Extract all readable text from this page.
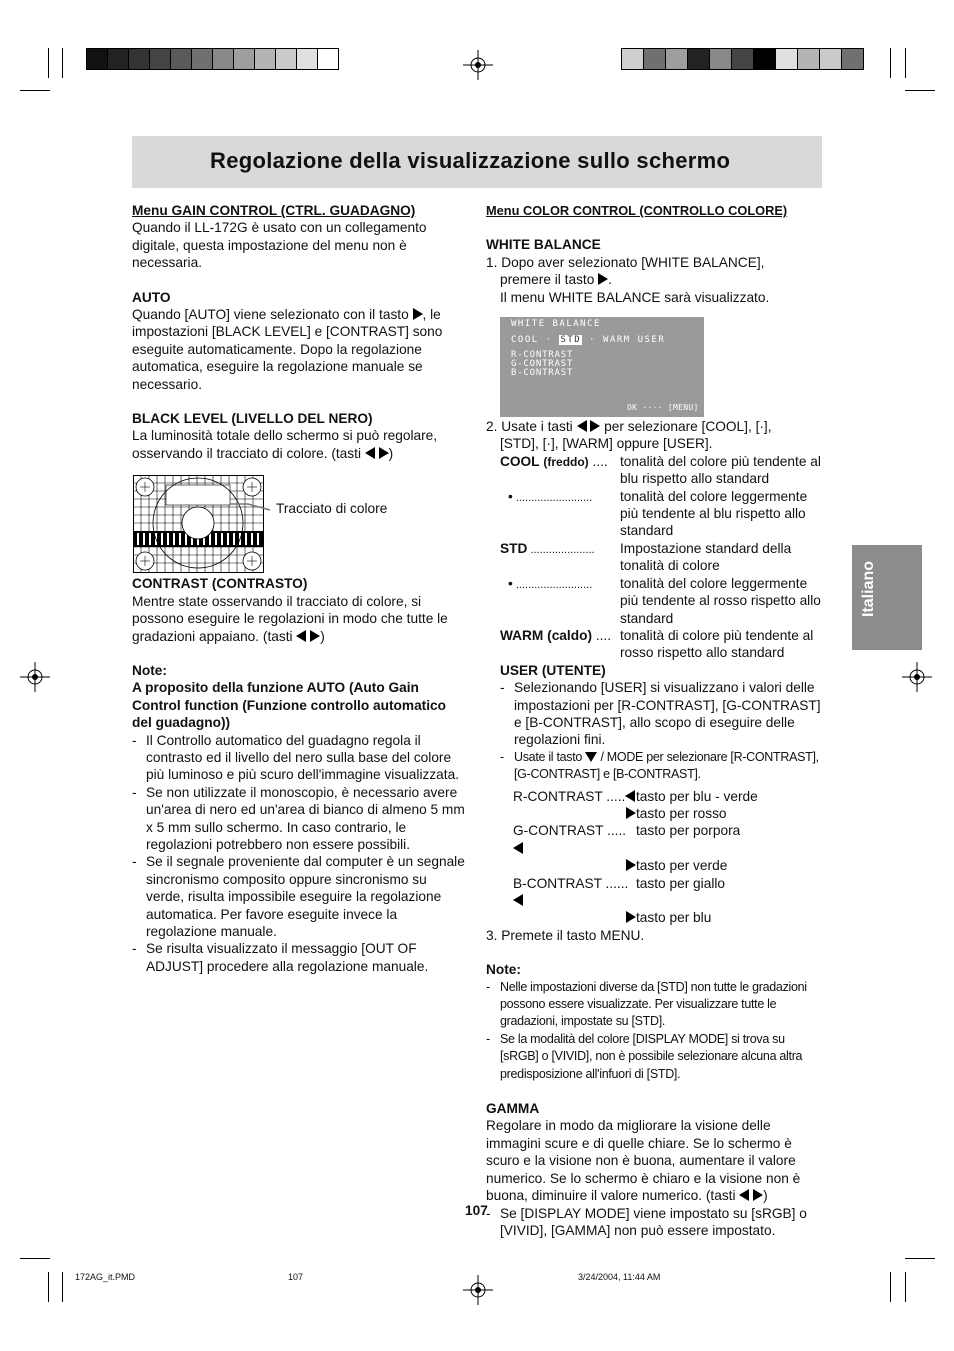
Regolazione della visualizzazione sullo schermo
Italiano

Menu GAIN CONTROL (CTRL. GUADAGNO)

Quando il LL-172G è usato con un collegamento digitale, questa impostazione del menu non è necessaria.

AUTO

Quando [AUTO] viene selezionato con il tasto , le impostazioni [BLACK LEVEL] e [CONTRAST] sono eseguite automaticamente. Dopo la regolazione automatica, eseguire la regolazione manuale se necessario.

BLACK LEVEL (LIVELLO DEL NERO)

La luminosità totale dello schermo si può regolare, osservando il tracciato di colore. (tasti )

CONTRAST (CONTRASTO)

Mentre state osservando il tracciato di colore, si possono eseguire le regolazioni in modo che tutte le gradazioni appaiano. (tasti )

Note:

A proposito della funzione AUTO (Auto Gain Control function (Funzione controllo automatico del guadagno))

- Il Controllo automatico del guadagno regola il contrasto ed il livello del nero sulla base del colore più luminoso e più scuro dell'immagine visualizzata.

- Se non utilizzate il monoscopio, è necessario avere un'area di nero ed un'area di bianco di almeno 5 mm x 5 mm sullo schermo. In caso contrario, le regolazioni potrebbero non essere possibili.

- Se il segnale proveniente dal computer è un segnale sincronismo composito oppure sincronismo su verde, risulta impossibile eseguire la regolazione automatica. Per favore eseguite invece la regolazione manuale.

- Se risulta visualizzato il messaggio [OUT OF ADJUST] procedere alla regolazione manuale.

Tracciato di colore

Menu COLOR CONTROL (CONTROLLO COLORE)

WHITE BALANCE

1. Dopo aver selezionato [WHITE BALANCE],

premere il tasto .

Il menu WHITE BALANCE sarà visualizzato.

2. Usate i tasti per selezionare [COOL], [·],

[STD], [·], [WARM] oppure [USER].

COOL (freddo) .... tonalità del colore più tendente al blu rispetto allo standard
• .........................	tonalità del colore leggermente più tendente al blu rispetto allo standard
STD .....................	Impostazione standard della tonalità di colore
• .........................	tonalità del colore leggermente più tendente al rosso rispetto allo standard
WARM (caldo) .... tonalità di colore più tendente al rosso rispetto allo standard

USER (UTENTE)

- Selezionando [USER] si visualizzano i valori delle impostazioni per [R-CONTRAST], [G-CONTRAST] e [B-CONTRAST], allo scopo di eseguire delle regolazioni fini.

- Usate il tasto / MODE per selezionare [R-CONTRAST], [G-CONTRAST] e [B-CONTRAST].

R-CONTRAST ..... tasto per blu - verde
tasto per rosso
G-CONTRAST ..... tasto per porpora
tasto per verde
B-CONTRAST ...... tasto per giallo
tasto per blu

3. Premete il tasto MENU.

Note:

- Nelle impostazioni diverse da [STD] non tutte le gradazioni possono essere visualizzate. Per visualizzare tutte le gradazioni, impostate su [STD].

- Se la modalità del colore [DISPLAY MODE] si trova su [sRGB] o [VIVID], non è possibile selezionare alcuna altra predisposizione all'infuori di [STD].

GAMMA

Regolare in modo da migliorare la visione delle immagini scure e di quelle chiare. Se lo schermo è scuro e la visione non è buona, aumentare il valore numerico. Se lo schermo è chiaro e la visione non è buona, diminuire il valore numerico. (tasti )

- Se [DISPLAY MODE] viene impostato su [sRGB] o [VIVID], [GAMMA] non può essere impostato.

WHITE BALANCE
COOL · STD · WARM USER
R-CONTRAST
G-CONTRAST
B-CONTRAST
OK ···· [MENU]
107
172AG_it.PMD	107	3/24/2004, 11:44 AM
